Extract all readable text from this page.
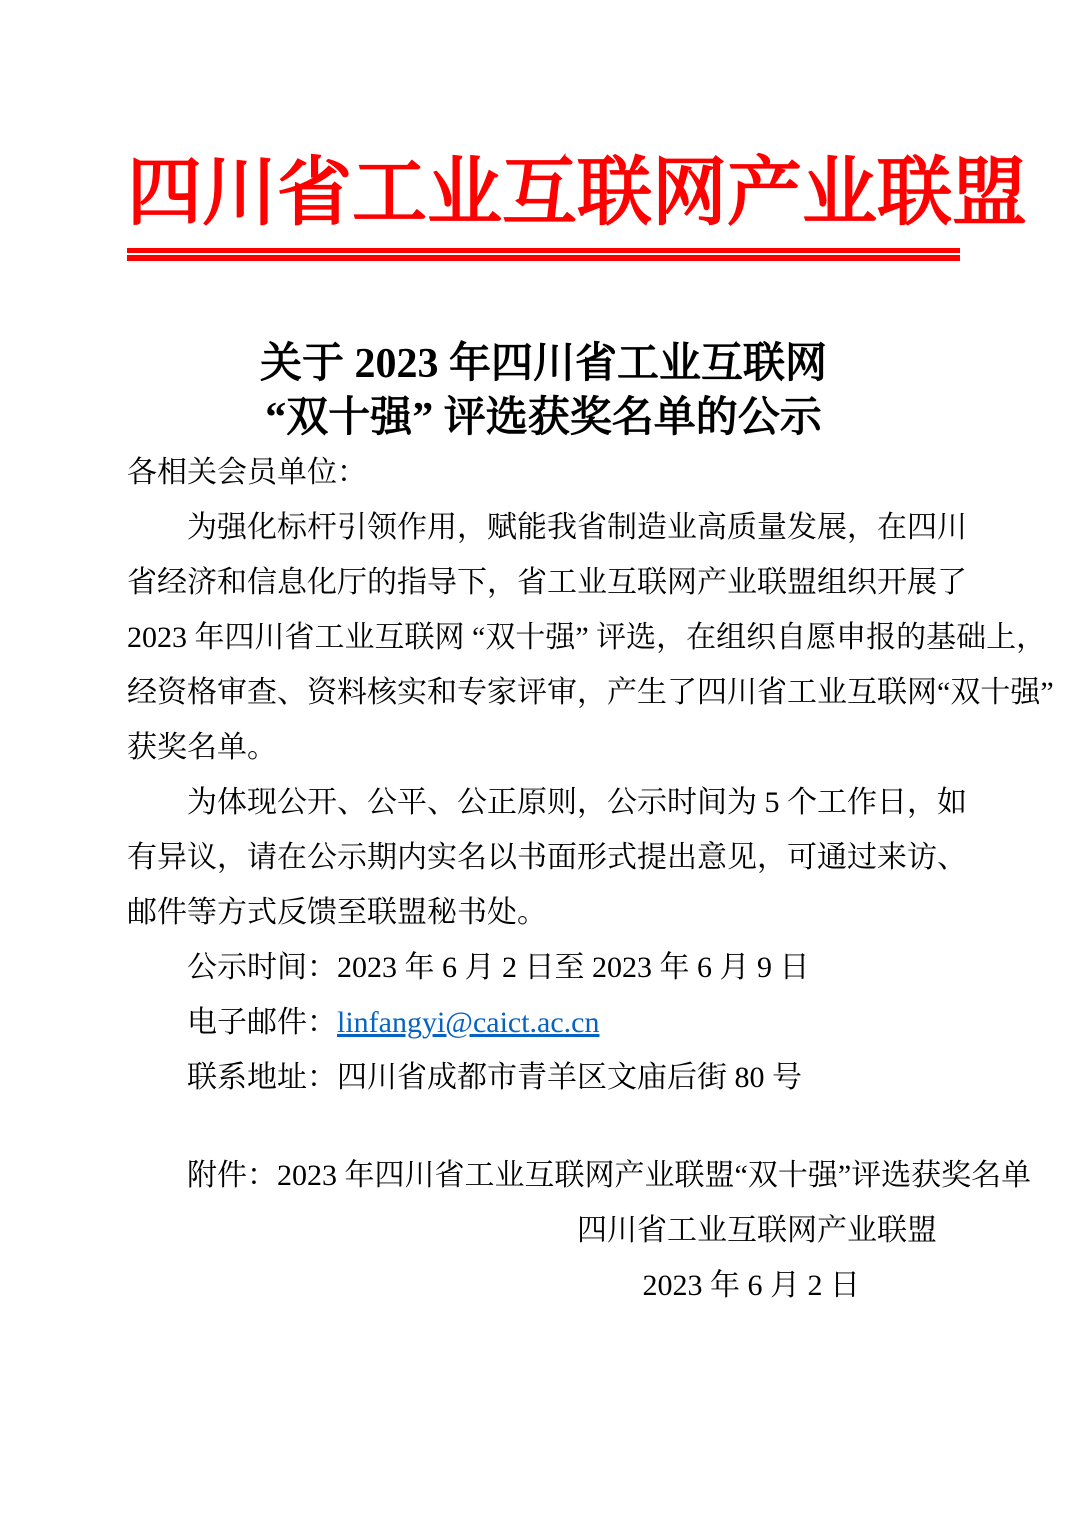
四川省工业互联网产业联盟
关于 2023 年四川省工业互联网
“双十强” 评选获奖名单的公示
各相关会员单位：
为强化标杆引领作用，赋能我省制造业高质量发展，在四川
省经济和信息化厅的指导下，省工业互联网产业联盟组织开展了
2023 年四川省工业互联网 “双十强” 评选，在组织自愿申报的基础上，
经资格审查、资料核实和专家评审，产生了四川省工业互联网“双十强”
获奖名单。
为体现公开、公平、公正原则，公示时间为 5 个工作日，如
有异议，请在公示期内实名以书面形式提出意见，可通过来访、
邮件等方式反馈至联盟秘书处。
公示时间：2023 年 6 月 2 日至 2023 年 6 月 9 日
电子邮件：linfangyi@caict.ac.cn
联系地址：四川省成都市青羊区文庙后街 80 号
附件：2023 年四川省工业互联网产业联盟“双十强”评选获奖名单
四川省工业互联网产业联盟
2023 年 6 月 2 日
